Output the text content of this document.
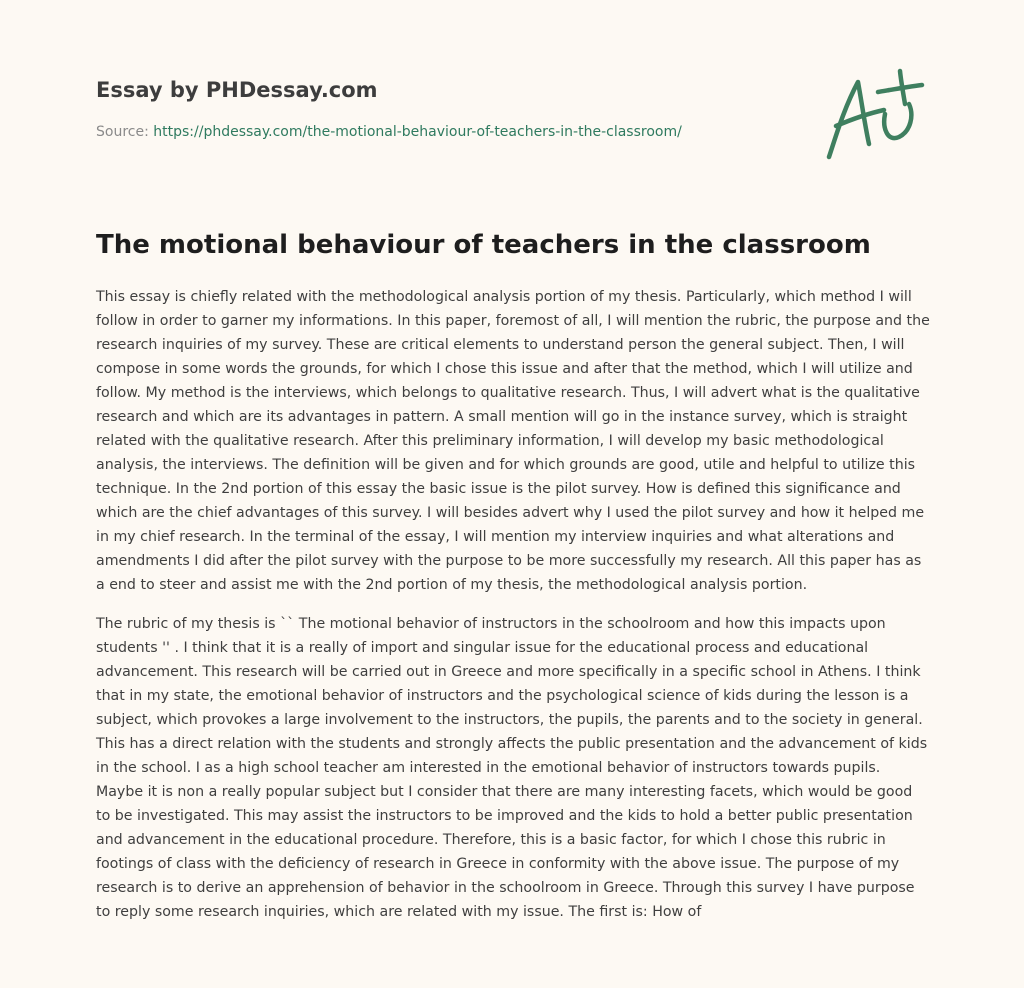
Essay by PHDessay.com
Source: https://phdessay.com/the-motional-behaviour-of-teachers-in-the-classroom/
The motional behaviour of teachers in the classroom

This essay is chiefly related with the methodological analysis portion of my thesis. Particularly, which method I will follow in order to garner my informations. In this paper, foremost of all, I will mention the rubric, the purpose and the research inquiries of my survey. These are critical elements to understand person the general subject. Then, I will compose in some words the grounds, for which I chose this issue and after that the method, which I will utilize and follow. My method is the interviews, which belongs to qualitative research. Thus, I will advert what is the qualitative research and which are its advantages in pattern. A small mention will go in the instance survey, which is straight related with the qualitative research. After this preliminary information, I will develop my basic methodological analysis, the interviews. The definition will be given and for which grounds are good, utile and helpful to utilize this technique. In the 2nd portion of this essay the basic issue is the pilot survey. How is defined this significance and which are the chief advantages of this survey. I will besides advert why I used the pilot survey and how it helped me in my chief research. In the terminal of the essay, I will mention my interview inquiries and what alterations and amendments I did after the pilot survey with the purpose to be more successfully my research. All this paper has as a end to steer and assist me with the 2nd portion of my thesis, the methodological analysis portion.

The rubric of my thesis is `` The motional behavior of instructors in the schoolroom and how this impacts upon students '' . I think that it is a really of import and singular issue for the educational process and educational advancement. This research will be carried out in Greece and more specifically in a specific school in Athens. I think that in my state, the emotional behavior of instructors and the psychological science of kids during the lesson is a subject, which provokes a large involvement to the instructors, the pupils, the parents and to the society in general. This has a direct relation with the students and strongly affects the public presentation and the advancement of kids in the school. I as a high school teacher am interested in the emotional behavior of instructors towards pupils. Maybe it is non a really popular subject but I consider that there are many interesting facets, which would be good to be investigated. This may assist the instructors to be improved and the kids to hold a better public presentation and advancement in the educational procedure. Therefore, this is a basic factor, for which I chose this rubric in footings of class with the deficiency of research in Greece in conformity with the above issue. The purpose of my research is to derive an apprehension of behavior in the schoolroom in Greece. Through this survey I have purpose to reply some research inquiries, which are related with my issue. The first is: How of
